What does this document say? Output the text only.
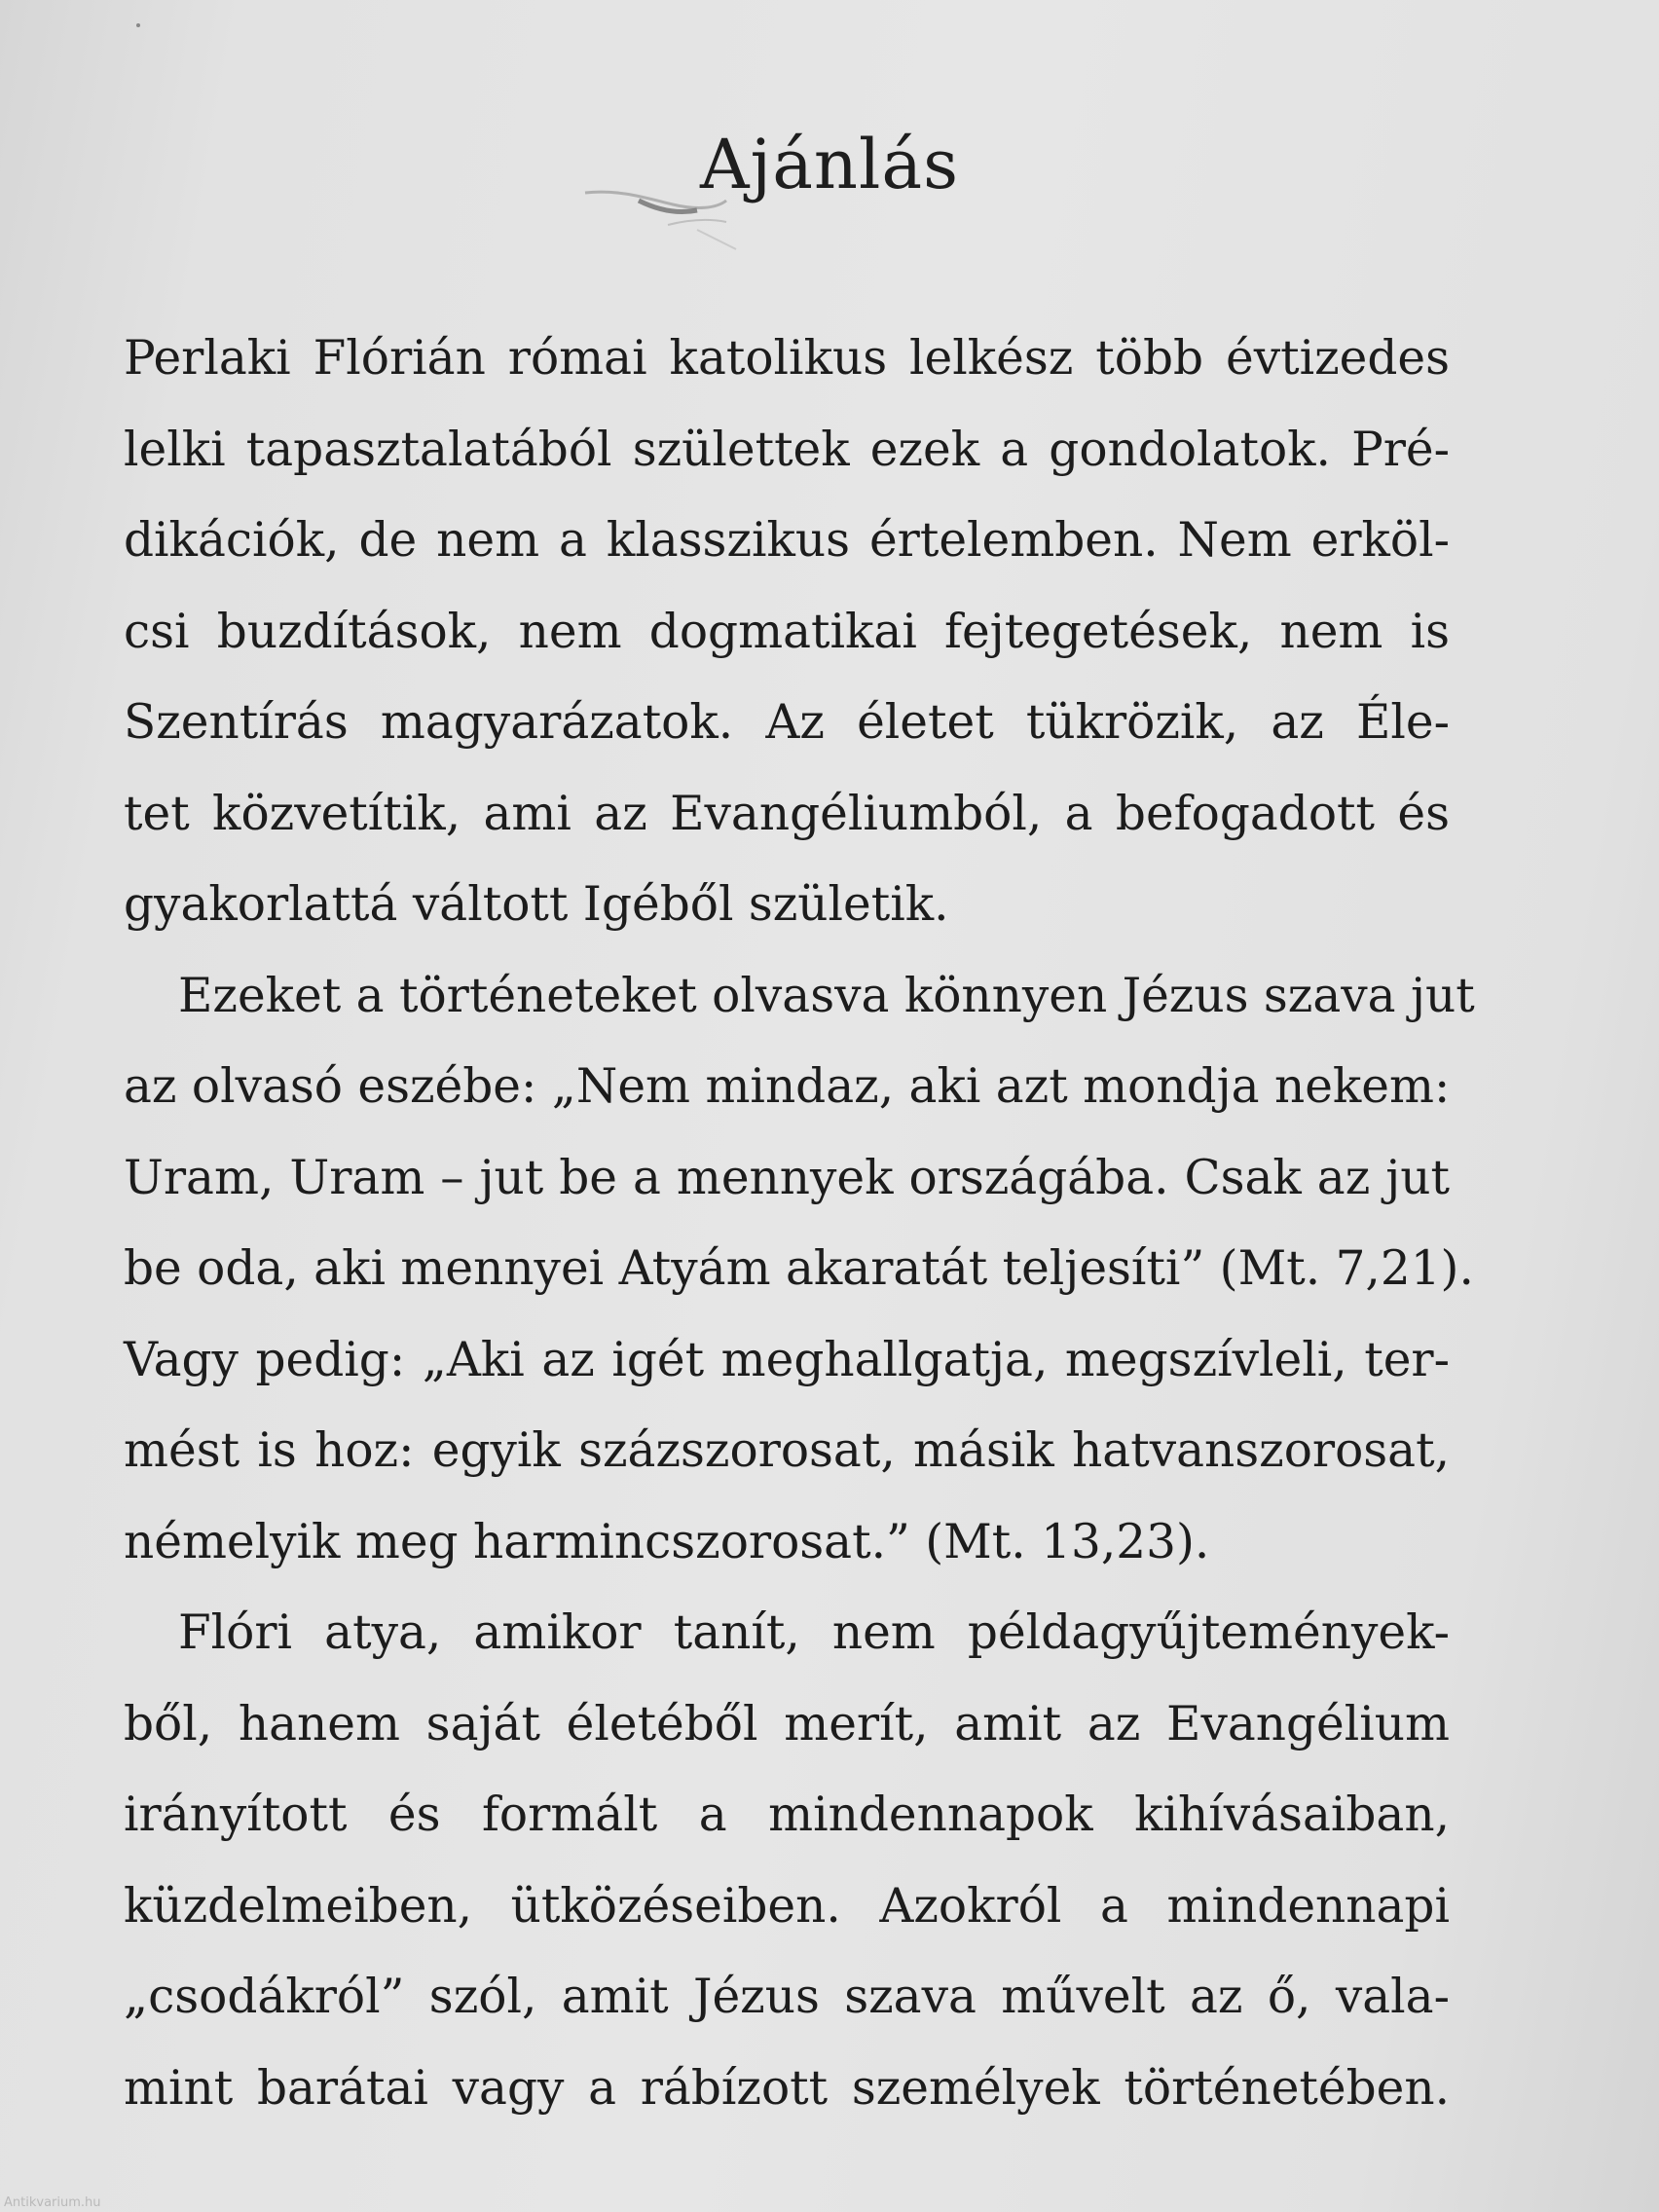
Ajánlás
Perlaki Flórián római katolikus lelkész több évtizedes
lelki tapasztalatából születtek ezek a gondolatok. Pré-
dikációk, de nem a klasszikus értelemben. Nem erköl-
csi buzdítások, nem dogmatikai fejtegetések, nem is
Szentírás magyarázatok. Az életet tükrözik, az Éle-
tet közvetítik, ami az Evangéliumból, a befogadott és
gyakorlattá váltott Igéből születik.
Ezeket a történeteket olvasva könnyen Jézus szava jut
az olvasó eszébe: „Nem mindaz, aki azt mondja nekem:
Uram, Uram – jut be a mennyek országába. Csak az jut
be oda, aki mennyei Atyám akaratát teljesíti” (Mt. 7,21).
Vagy pedig: „Aki az igét meghallgatja, megszívleli, ter-
mést is hoz: egyik százszorosat, másik hatvanszorosat,
némelyik meg harmincszorosat.” (Mt. 13,23).
Flóri atya, amikor tanít, nem példagyűjtemények-
ből, hanem saját életéből merít, amit az Evangélium
irányított és formált a mindennapok kihívásaiban,
küzdelmeiben, ütközéseiben. Azokról a mindennapi
„csodákról” szól, amit Jézus szava művelt az ő, vala-
mint barátai vagy a rábízott személyek történetében.
Antikvarium.hu
